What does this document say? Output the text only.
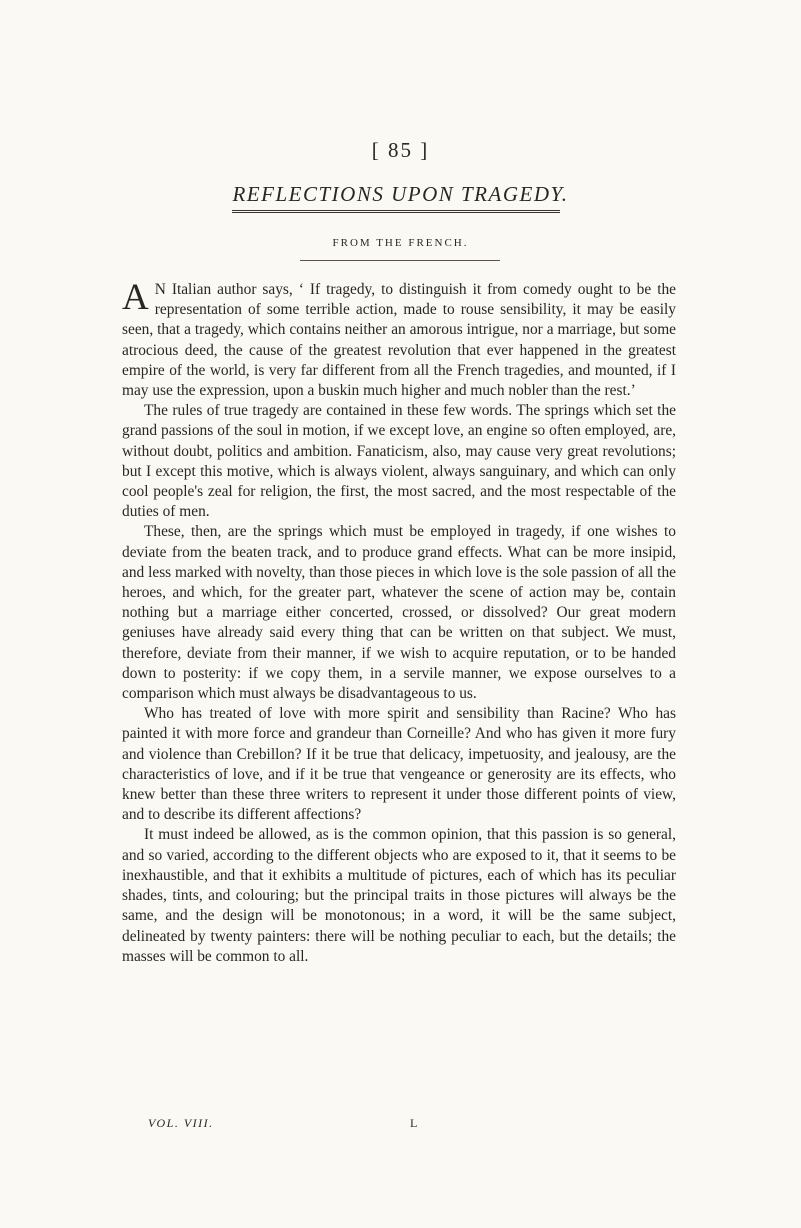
[ 85 ]
REFLECTIONS UPON TRAGEDY.
FROM THE FRENCH.

A N Italian author says, ‘ If tragedy, to distinguish it from comedy ought to be the representation of some terrible action, made to rouse sensibility, it may be easily seen, that a tragedy, which contains neither an amorous intrigue, nor a marriage, but some atrocious deed, the cause of the greatest revolution that ever happened in the greatest empire of the world, is very far different from all the French tragedies, and mounted, if I may use the expression, upon a buskin much higher and much nobler than the rest.’

The rules of true tragedy are contained in these few words. The springs which set the grand passions of the soul in motion, if we except love, an engine so often employed, are, without doubt, politics and ambition. Fanaticism, also, may cause very great revolutions; but I except this motive, which is always violent, always sanguinary, and which can only cool people's zeal for religion, the first, the most sacred, and the most respectable of the duties of men.

These, then, are the springs which must be employed in tragedy, if one wishes to deviate from the beaten track, and to produce grand effects. What can be more insipid, and less marked with novelty, than those pieces in which love is the sole passion of all the heroes, and which, for the greater part, whatever the scene of action may be, contain nothing but a marriage either concerted, crossed, or dissolved? Our great modern geniuses have already said every thing that can be written on that subject. We must, therefore, deviate from their manner, if we wish to acquire reputation, or to be handed down to posterity: if we copy them, in a servile manner, we expose ourselves to a comparison which must always be disadvantageous to us.

Who has treated of love with more spirit and sensibility than Racine? Who has painted it with more force and grandeur than Corneille? And who has given it more fury and violence than Crebillon? If it be true that delicacy, impetuosity, and jealousy, are the characteristics of love, and if it be true that vengeance or generosity are its effects, who knew better than these three writers to represent it under those different points of view, and to describe its different affections?

It must indeed be allowed, as is the common opinion, that this passion is so general, and so varied, according to the different objects who are exposed to it, that it seems to be inexhaustible, and that it exhibits a multitude of pictures, each of which has its peculiar shades, tints, and colouring; but the principal traits in those pictures will always be the same, and the design will be monotonous; in a word, it will be the same subject, delineated by twenty painters: there will be nothing peculiar to each, but the details; the masses will be common to all.

VOL. VIII.	L
